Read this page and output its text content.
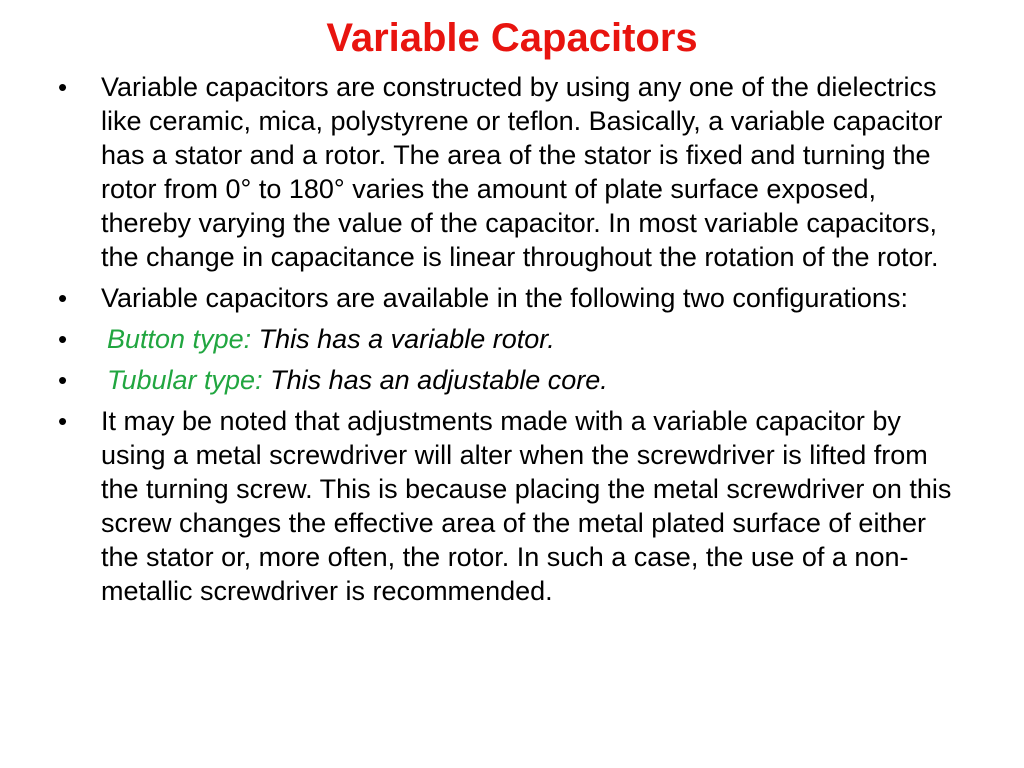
Variable Capacitors
•	Variable capacitors are constructed by using any one of the dielectrics like ceramic, mica, polystyrene or teflon. Basically, a variable capacitor has a stator and a rotor. The area of the stator is fixed and turning the rotor from 0° to 180° varies the amount of plate surface exposed, thereby varying the value of the capacitor. In most variable capacitors, the change in capacitance is linear throughout the rotation of the rotor.
•	Variable capacitors are available in the following two configurations:
•	Button type: This has a variable rotor.
•	Tubular type: This has an adjustable core.
•	It may be noted that adjustments made with a variable capacitor by using a metal screwdriver will alter when the screwdriver is lifted from the turning screw. This is because placing the metal screwdriver on this screw changes the effective area of the metal plated surface of either the stator or, more often, the rotor. In such a case, the use of a non-metallic screwdriver is recommended.
